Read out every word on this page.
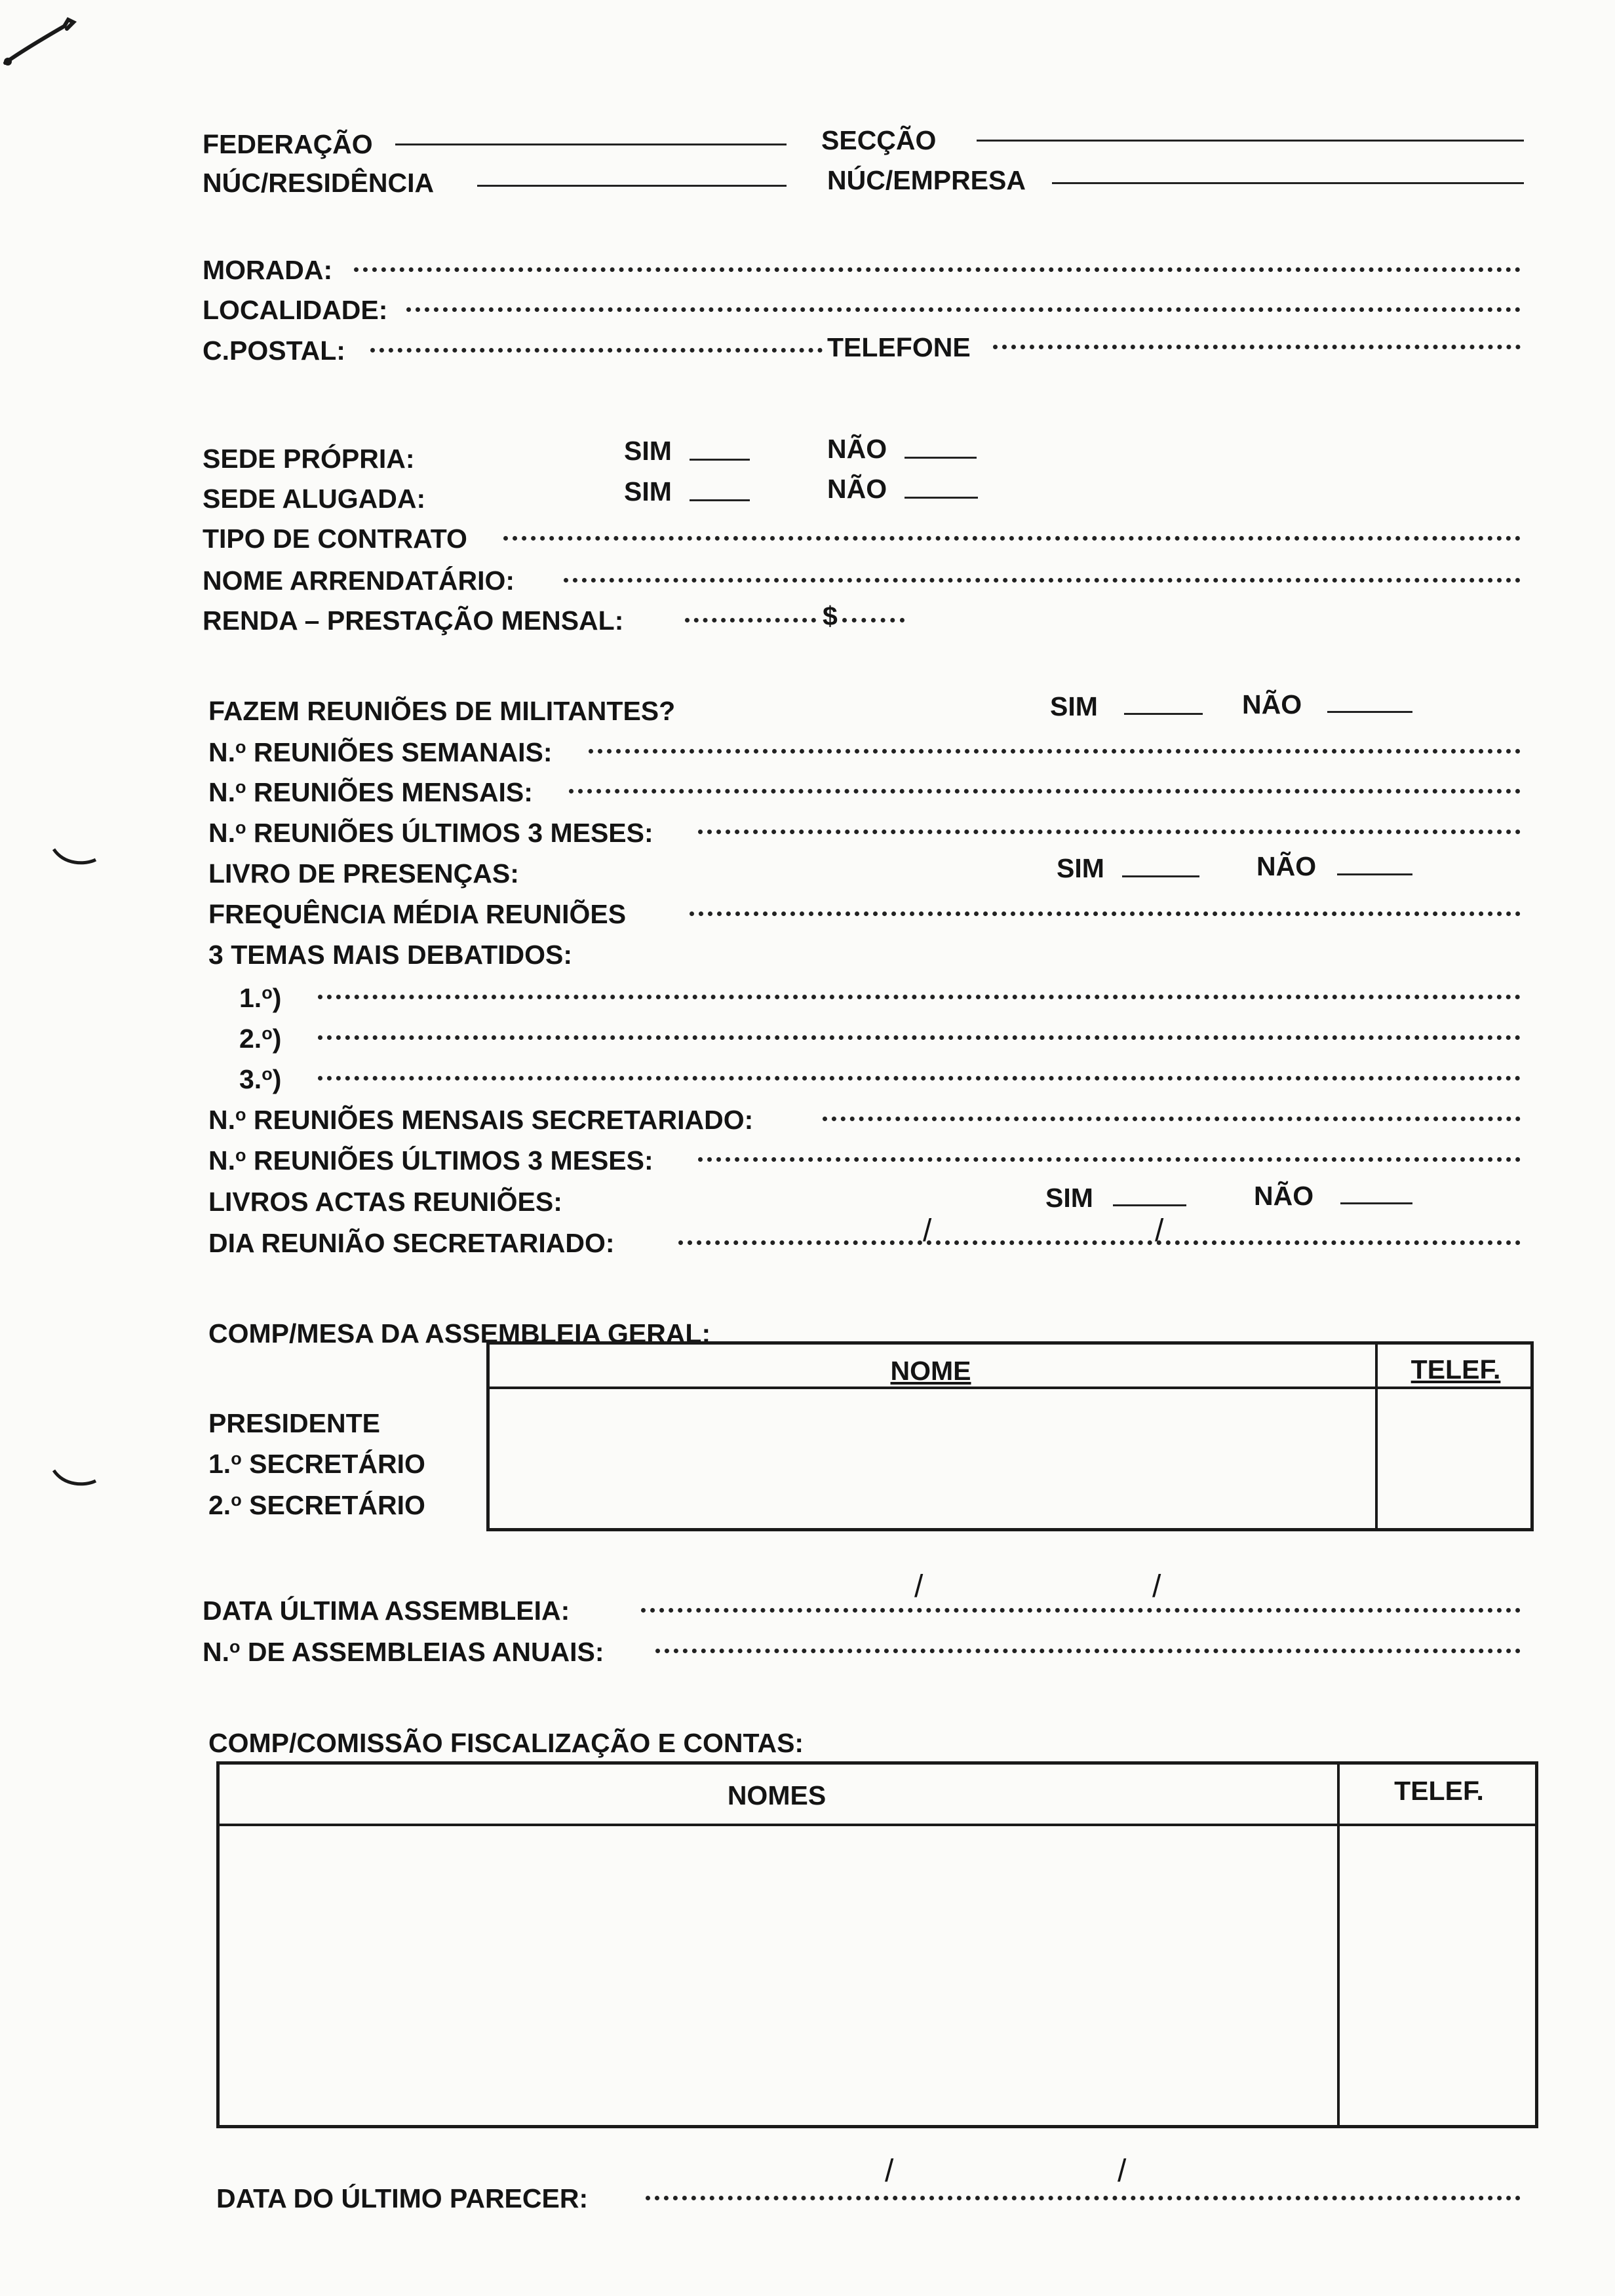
FEDERAÇÃO	SECÇÃO
NÚC/RESIDÊNCIA	NÚC/EMPRESA
MORADA:
LOCALIDADE:
C.POSTAL:	TELEFONE
SEDE PRÓPRIA:	SIM	NÃO
SEDE ALUGADA:	SIM	NÃO
TIPO DE CONTRATO
NOME ARRENDATÁRIO:
RENDA – PRESTAÇÃO MENSAL:	$
FAZEM REUNIÕES DE MILITANTES?	SIM	NÃO
N.$^o$ REUNIÕES SEMANAIS:
N.$^o$ REUNIÕES MENSAIS:
N.$^o$ REUNIÕES ÚLTIMOS 3 MESES:
LIVRO DE PRESENÇAS:	SIM	NÃO
FREQUÊNCIA MÉDIA REUNIÕES
3 TEMAS MAIS DEBATIDOS:
1.$^o$)
2.$^o$)
3.$^o$)
N.$^o$ REUNIÕES MENSAIS SECRETARIADO:
N.$^o$ REUNIÕES ÚLTIMOS 3 MESES:
LIVROS ACTAS REUNIÕES:	SIM	NÃO
DIA REUNIÃO SECRETARIADO:	/	/
COMP/MESA DA ASSEMBLEIA GERAL:
NOME	TELEF.
PRESIDENTE
1.$^o$ SECRETÁRIO
2.$^o$ SECRETÁRIO
DATA ÚLTIMA ASSEMBLEIA:
/	/
N.$^o$ DE ASSEMBLEIAS ANUAIS:
COMP/COMISSÃO FISCALIZAÇÃO E CONTAS:
NOMES	TELEF.
DATA DO ÚLTIMO PARECER:
/	/
